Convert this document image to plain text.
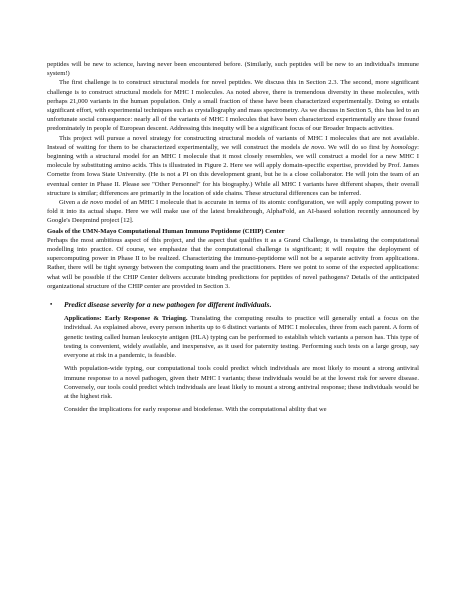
peptides will be new to science, having never been encountered before. (Similarly, such peptides will be new to an individual's immune system!)

The first challenge is to construct structural models for novel peptides. We discuss this in Section 2.3. The second, more significant challenge is to construct structural models for MHC I molecules. As noted above, there is tremendous diversity in these molecules, with perhaps 21,000 variants in the human population. Only a small fraction of these have been characterized experimentally. Doing so entails significant effort, with experimental techniques such as crystallography and mass spectrometry. As we discuss in Section 5, this has led to an unfortunate social consequence: nearly all of the variants of MHC I molecules that have been characterized experimentally are those found predominately in people of European descent. Addressing this inequity will be a significant focus of our Broader Impacts activities.

This project will pursue a novel strategy for constructing structural models of variants of MHC I molecules that are not available. Instead of waiting for them to be characterized experimentally, we will construct the models de novo. We will do so first by homology: beginning with a structural model for an MHC I molecule that it most closely resembles, we will construct a model for a new MHC I molecule by substituting amino acids. This is illustrated in Figure 2. Here we will apply domain-specific expertise, provided by Prof. James Cornette from Iowa State University. (He is not a PI on this development grant, but he is a close collaborator. He will join the team of an eventual center in Phase II. Please see "Other Personnel" for his biography.) While all MHC I variants have different shapes, their overall structure is similar; differences are primarily in the location of side chains. These structural differences can be inferred.

Given a de novo model of an MHC I molecule that is accurate in terms of its atomic configuration, we will apply computing power to fold it into its actual shape. Here we will make use of the latest breakthrough, AlphaFold, an AI-based solution recently announced by Google's Deepmind project [12].

Goals of the UMN-Mayo Computational Human Immuno Peptidome (CHIP) Center

Perhaps the most ambitious aspect of this project, and the aspect that qualifies it as a Grand Challenge, is translating the computational modelling into practice. Of course, we emphasize that the computational challenge is significant; it will require the deployment of supercomputing power in Phase II to be realized. Characterizing the immuno-peptidome will not be a separate activity from applications. Rather, there will be tight synergy between the computing team and the practitioners. Here we point to some of the expected applications: what will be possible if the CHIP Center delivers accurate binding predictions for peptides of novel pathogens? Details of the anticipated organizational structure of the CHIP center are provided in Section 3.

•	Predict disease severity for a new pathogen for different individuals.

Applications: Early Response & Triaging. Translating the computing results to practice will generally entail a focus on the individual. As explained above, every person inherits up to 6 distinct variants of MHC I molecules, three from each parent. A form of genetic testing called human leukocyte antigen (HLA) typing can be performed to establish which variants a person has. This type of testing is convenient, widely available, and inexpensive, as it used for paternity testing. Performing such tests on a large group, say everyone at risk in a pandemic, is feasible.

With population-wide typing, our computational tools could predict which individuals are most likely to mount a strong antiviral immune response to a novel pathogen, given their MHC I variants; these individuals would be at the lowest risk for severe disease. Conversely, our tools could predict which individuals are least likely to mount a strong antiviral response; these individuals would be at the highest risk.

Consider the implications for early response and biodefense. With the computational ability that we
